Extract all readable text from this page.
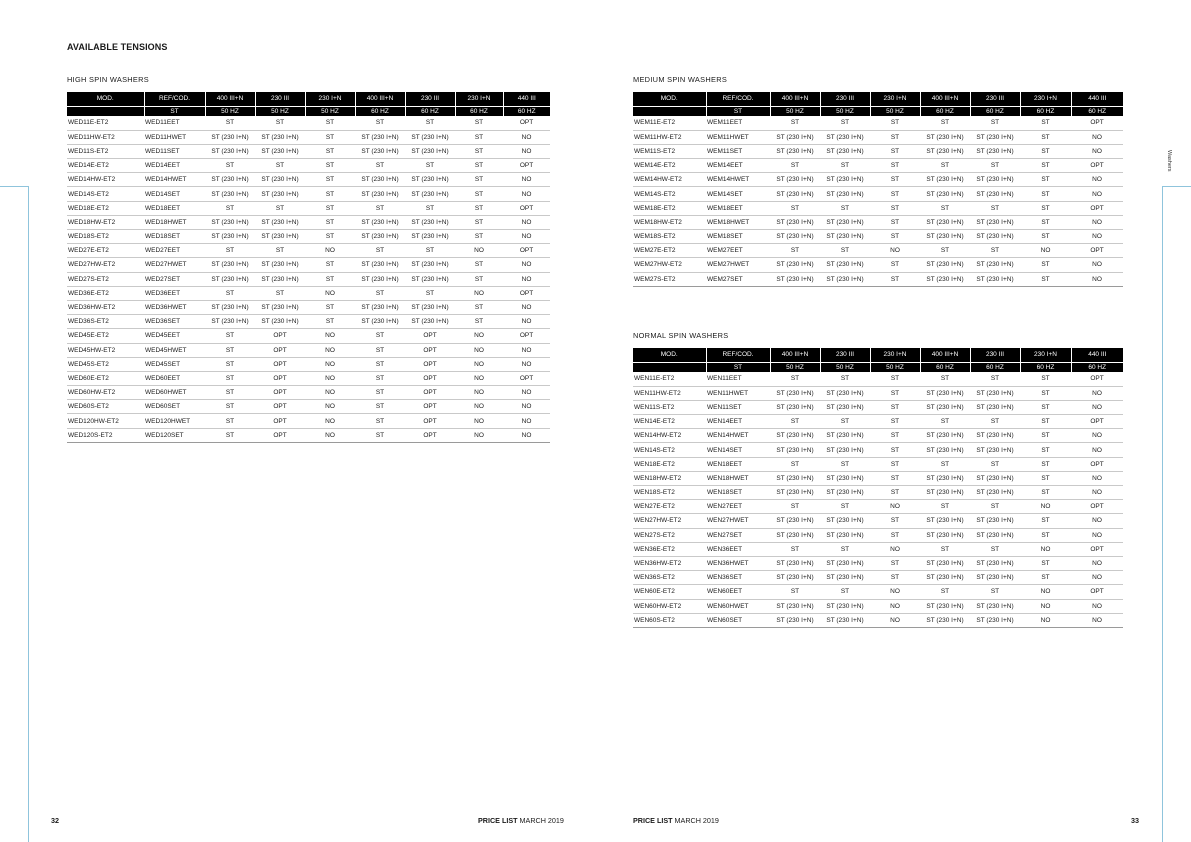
AVAILABLE TENSIONS
Washers
HIGH SPIN WASHERS
MOD.	REF/COD.	400 III+N	230 III	230 I+N	400 III+N	230 III	230 I+N	440 III
	ST	50 HZ	50 HZ	50 HZ	60 HZ	60 HZ	60 HZ	60 HZ
WED11E-ET2	WED11EET	ST	ST	ST	ST	ST	ST	OPT
WED11HW-ET2	WED11HWET	ST (230 I+N)	ST (230 I+N)	ST	ST (230 I+N)	ST (230 I+N)	ST	NO
WED11S-ET2	WED11SET	ST (230 I+N)	ST (230 I+N)	ST	ST (230 I+N)	ST (230 I+N)	ST	NO
WED14E-ET2	WED14EET	ST	ST	ST	ST	ST	ST	OPT
WED14HW-ET2	WED14HWET	ST (230 I+N)	ST (230 I+N)	ST	ST (230 I+N)	ST (230 I+N)	ST	NO
WED14S-ET2	WED14SET	ST (230 I+N)	ST (230 I+N)	ST	ST (230 I+N)	ST (230 I+N)	ST	NO
WED18E-ET2	WED18EET	ST	ST	ST	ST	ST	ST	OPT
WED18HW-ET2	WED18HWET	ST (230 I+N)	ST (230 I+N)	ST	ST (230 I+N)	ST (230 I+N)	ST	NO
WED18S-ET2	WED18SET	ST (230 I+N)	ST (230 I+N)	ST	ST (230 I+N)	ST (230 I+N)	ST	NO
WED27E-ET2	WED27EET	ST	ST	NO	ST	ST	NO	OPT
WED27HW-ET2	WED27HWET	ST (230 I+N)	ST (230 I+N)	ST	ST (230 I+N)	ST (230 I+N)	ST	NO
WED27S-ET2	WED27SET	ST (230 I+N)	ST (230 I+N)	ST	ST (230 I+N)	ST (230 I+N)	ST	NO
WED36E-ET2	WED36EET	ST	ST	NO	ST	ST	NO	OPT
WED36HW-ET2	WED36HWET	ST (230 I+N)	ST (230 I+N)	ST	ST (230 I+N)	ST (230 I+N)	ST	NO
WED36S-ET2	WED36SET	ST (230 I+N)	ST (230 I+N)	ST	ST (230 I+N)	ST (230 I+N)	ST	NO
WED45E-ET2	WED45EET	ST	OPT	NO	ST	OPT	NO	OPT
WED45HW-ET2	WED45HWET	ST	OPT	NO	ST	OPT	NO	NO
WED45S-ET2	WED45SET	ST	OPT	NO	ST	OPT	NO	NO
WED60E-ET2	WED60EET	ST	OPT	NO	ST	OPT	NO	OPT
WED60HW-ET2	WED60HWET	ST	OPT	NO	ST	OPT	NO	NO
WED60S-ET2	WED60SET	ST	OPT	NO	ST	OPT	NO	NO
WED120HW-ET2	WED120HWET	ST	OPT	NO	ST	OPT	NO	NO
WED120S-ET2	WED120SET	ST	OPT	NO	ST	OPT	NO	NO
MEDIUM SPIN WASHERS
MOD.	REF/COD.	400 III+N	230 III	230 I+N	400 III+N	230 III	230 I+N	440 III
	ST	50 HZ	50 HZ	50 HZ	60 HZ	60 HZ	60 HZ	60 HZ
WEM11E-ET2	WEM11EET	ST	ST	ST	ST	ST	ST	OPT
WEM11HW-ET2	WEM11HWET	ST (230 I+N)	ST (230 I+N)	ST	ST (230 I+N)	ST (230 I+N)	ST	NO
WEM11S-ET2	WEM11SET	ST (230 I+N)	ST (230 I+N)	ST	ST (230 I+N)	ST (230 I+N)	ST	NO
WEM14E-ET2	WEM14EET	ST	ST	ST	ST	ST	ST	OPT
WEM14HW-ET2	WEM14HWET	ST (230 I+N)	ST (230 I+N)	ST	ST (230 I+N)	ST (230 I+N)	ST	NO
WEM14S-ET2	WEM14SET	ST (230 I+N)	ST (230 I+N)	ST	ST (230 I+N)	ST (230 I+N)	ST	NO
WEM18E-ET2	WEM18EET	ST	ST	ST	ST	ST	ST	OPT
WEM18HW-ET2	WEM18HWET	ST (230 I+N)	ST (230 I+N)	ST	ST (230 I+N)	ST (230 I+N)	ST	NO
WEM18S-ET2	WEM18SET	ST (230 I+N)	ST (230 I+N)	ST	ST (230 I+N)	ST (230 I+N)	ST	NO
WEM27E-ET2	WEM27EET	ST	ST	NO	ST	ST	NO	OPT
WEM27HW-ET2	WEM27HWET	ST (230 I+N)	ST (230 I+N)	ST	ST (230 I+N)	ST (230 I+N)	ST	NO
WEM27S-ET2	WEM27SET	ST (230 I+N)	ST (230 I+N)	ST	ST (230 I+N)	ST (230 I+N)	ST	NO
NORMAL SPIN WASHERS
MOD.	REF/COD.	400 III+N	230 III	230 I+N	400 III+N	230 III	230 I+N	440 III
	ST	50 HZ	50 HZ	50 HZ	60 HZ	60 HZ	60 HZ	60 HZ
WEN11E-ET2	WEN11EET	ST	ST	ST	ST	ST	ST	OPT
WEN11HW-ET2	WEN11HWET	ST (230 I+N)	ST (230 I+N)	ST	ST (230 I+N)	ST (230 I+N)	ST	NO
WEN11S-ET2	WEN11SET	ST (230 I+N)	ST (230 I+N)	ST	ST (230 I+N)	ST (230 I+N)	ST	NO
WEN14E-ET2	WEN14EET	ST	ST	ST	ST	ST	ST	OPT
WEN14HW-ET2	WEN14HWET	ST (230 I+N)	ST (230 I+N)	ST	ST (230 I+N)	ST (230 I+N)	ST	NO
WEN14S-ET2	WEN14SET	ST (230 I+N)	ST (230 I+N)	ST	ST (230 I+N)	ST (230 I+N)	ST	NO
WEN18E-ET2	WEN18EET	ST	ST	ST	ST	ST	ST	OPT
WEN18HW-ET2	WEN18HWET	ST (230 I+N)	ST (230 I+N)	ST	ST (230 I+N)	ST (230 I+N)	ST	NO
WEN18S-ET2	WEN18SET	ST (230 I+N)	ST (230 I+N)	ST	ST (230 I+N)	ST (230 I+N)	ST	NO
WEN27E-ET2	WEN27EET	ST	ST	NO	ST	ST	NO	OPT
WEN27HW-ET2	WEN27HWET	ST (230 I+N)	ST (230 I+N)	ST	ST (230 I+N)	ST (230 I+N)	ST	NO
WEN27S-ET2	WEN27SET	ST (230 I+N)	ST (230 I+N)	ST	ST (230 I+N)	ST (230 I+N)	ST	NO
WEN36E-ET2	WEN36EET	ST	ST	NO	ST	ST	NO	OPT
WEN36HW-ET2	WEN36HWET	ST (230 I+N)	ST (230 I+N)	ST	ST (230 I+N)	ST (230 I+N)	ST	NO
WEN36S-ET2	WEN36SET	ST (230 I+N)	ST (230 I+N)	ST	ST (230 I+N)	ST (230 I+N)	ST	NO
WEN60E-ET2	WEN60EET	ST	ST	NO	ST	ST	NO	OPT
WEN60HW-ET2	WEN60HWET	ST (230 I+N)	ST (230 I+N)	NO	ST (230 I+N)	ST (230 I+N)	NO	NO
WEN60S-ET2	WEN60SET	ST (230 I+N)	ST (230 I+N)	NO	ST (230 I+N)	ST (230 I+N)	NO	NO
32	PRICE LIST MARCH 2019	PRICE LIST MARCH 2019	33
